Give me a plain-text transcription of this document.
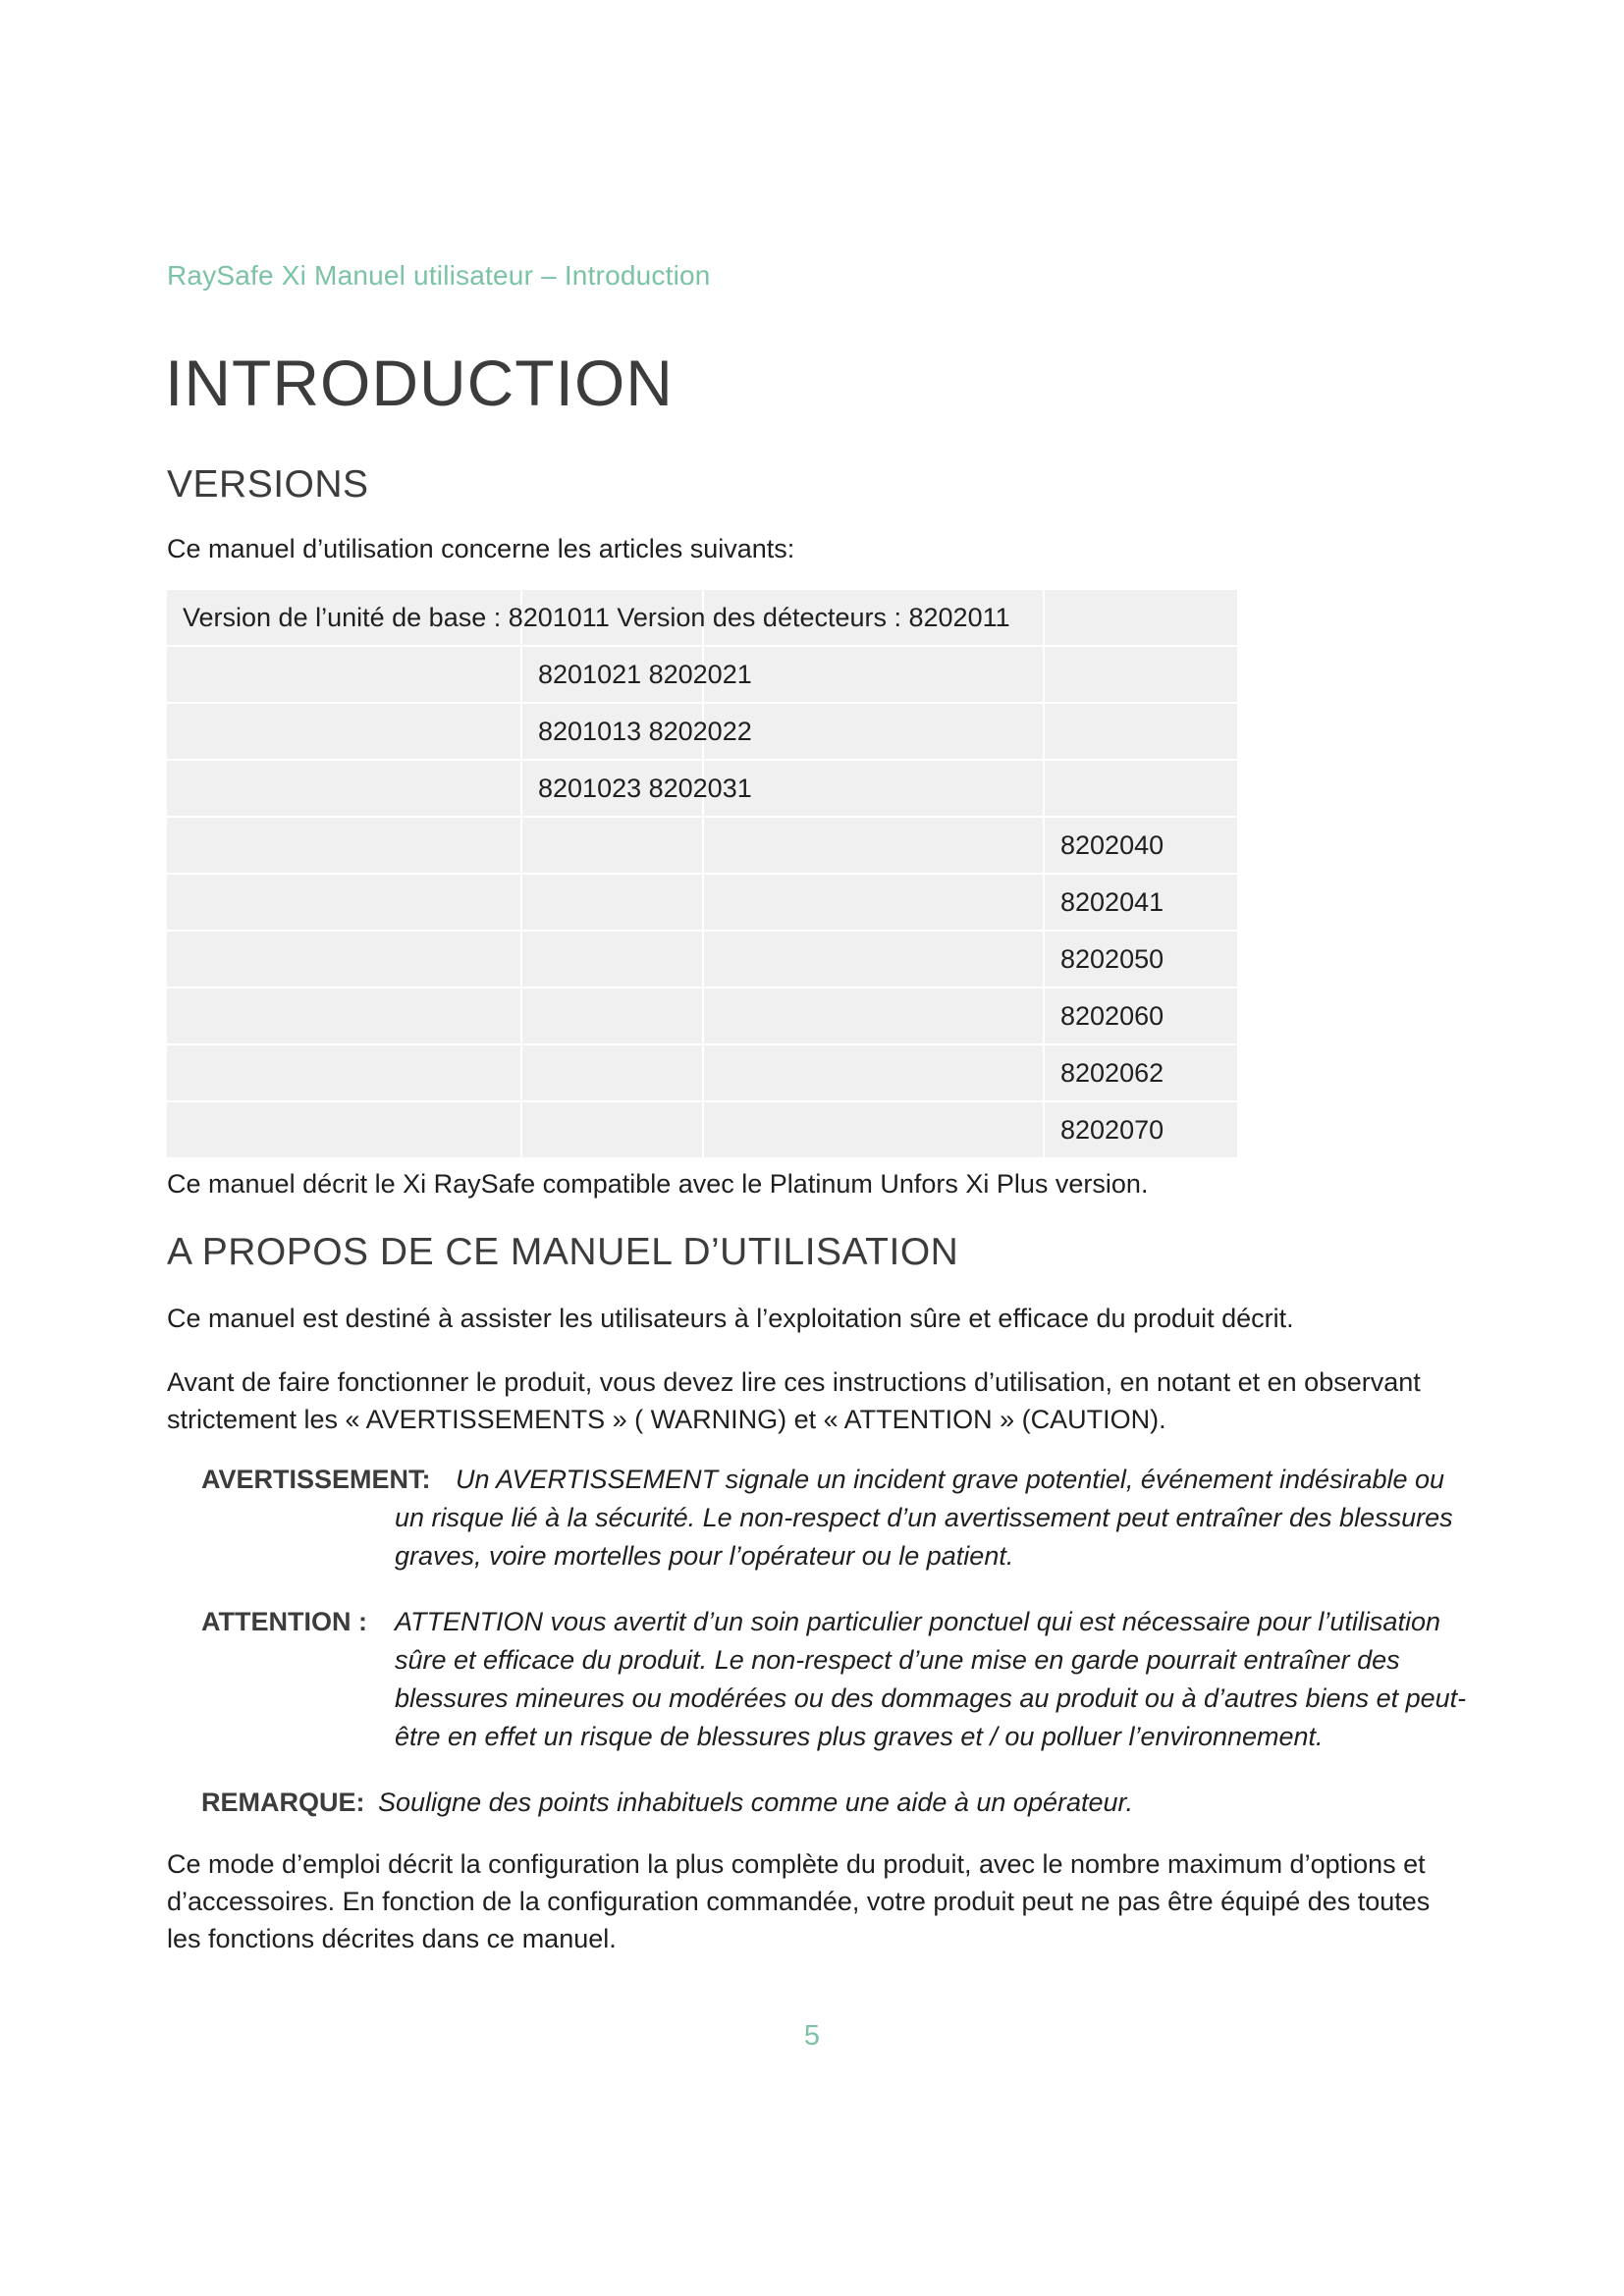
RaySafe Xi Manuel utilisateur – Introduction
INTRODUCTION
VERSIONS
Ce manuel d’utilisation concerne les articles suivants:
Version de l’unité de base : 8201011 Version des détecteurs : 8202011
8201021 8202021
8201013 8202022
8201023 8202031
8202040
8202041
8202050
8202060
8202062
8202070
Ce manuel décrit le Xi RaySafe compatible avec le Platinum Unfors Xi Plus version.
A PROPOS DE CE MANUEL D’UTILISATION
Ce manuel est destiné à assister les utilisateurs à l’exploitation sûre et efficace du produit décrit.
Avant de faire fonctionner le produit, vous devez lire ces instructions d’utilisation, en notant et en observant strictement les « AVERTISSEMENTS » ( WARNING) et « ATTENTION » (CAUTION).
AVERTISSEMENT: Un AVERTISSEMENT signale un incident grave potentiel, événement indésirable ou un risque lié à la sécurité. Le non-respect d’un avertissement peut entraîner des blessures graves, voire mortelles pour l’opérateur ou le patient.
ATTENTION :	ATTENTION vous avertit d’un soin particulier ponctuel qui est nécessaire pour l’utilisation sûre et efficace du produit. Le non-respect d’une mise en garde pourrait entraîner des blessures mineures ou modérées ou des dommages au produit ou à d’autres biens et peut-être en effet un risque de blessures plus graves et / ou polluer l’environnement.
REMARQUE: Souligne des points inhabituels comme une aide à un opérateur.
Ce mode d’emploi décrit la configuration la plus complète du produit, avec le nombre maximum d’options et d’accessoires. En fonction de la configuration commandée, votre produit peut ne pas être équipé des toutes les fonctions décrites dans ce manuel.
5
